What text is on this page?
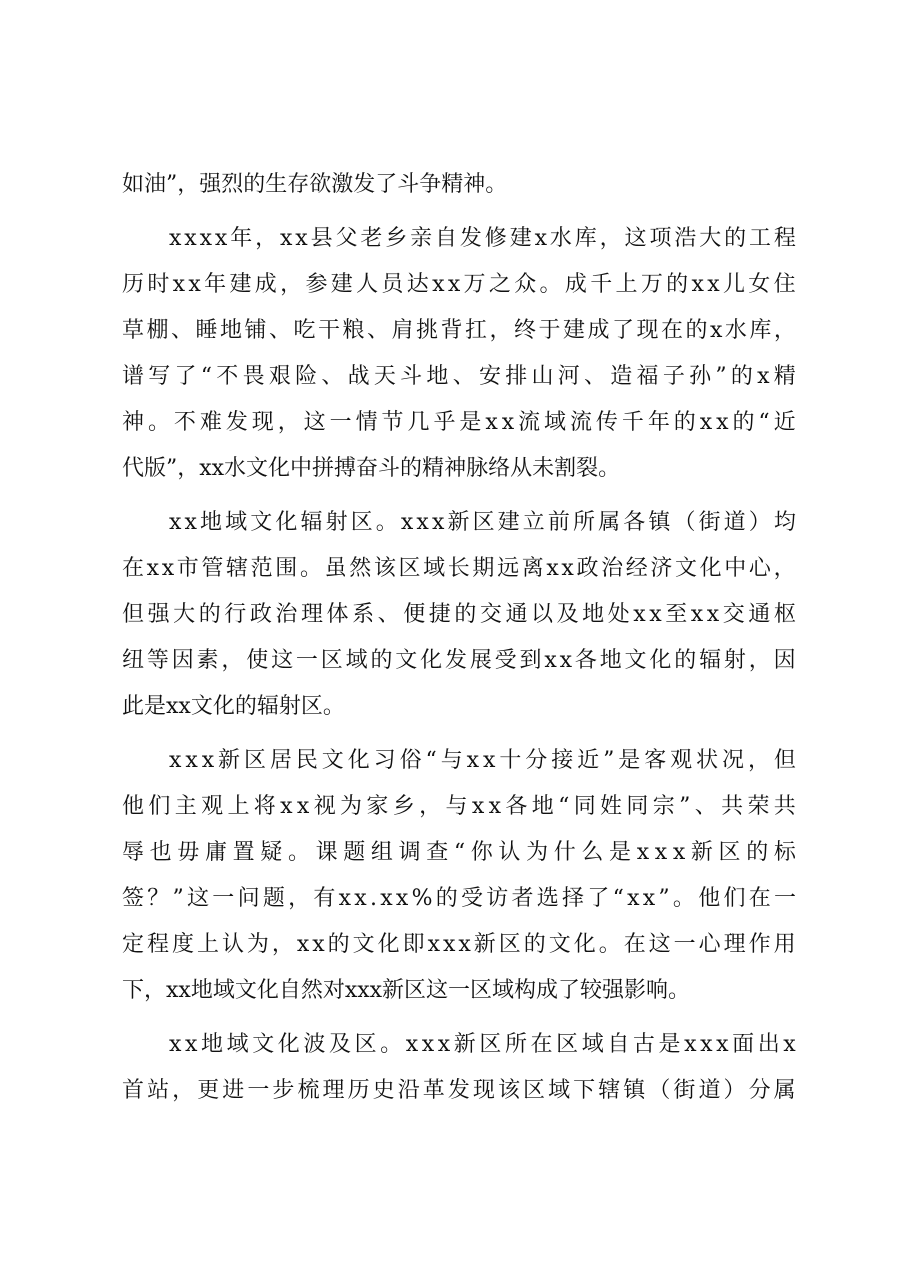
如油”，强烈的生存欲激发了斗争精神。
x x x x 年 ， x x 县 父 老 乡 亲 自 发 修 建 x 水 库 ， 这 项 浩 大 的 工 程
历 时 x x 年 建 成 ， 参 建 人 员 达 x x 万 之 众 。 成 千 上 万 的 x x 儿 女 住
草 棚 、 睡 地 铺 、 吃 干 粮 、 肩 挑 背 扛 ， 终 于 建 成 了 现 在 的 x 水 库 ，
谱 写 了 “ 不 畏 艰 险 、 战 天 斗 地 、 安 排 山 河 、 造 福 子 孙 ” 的 x 精
神 。 不 难 发 现 ， 这 一 情 节 几 乎 是 x x 流 域 流 传 千 年 的 x x 的 “ 近
代版”，xx水文化中拼搏奋斗的精神脉络从未割裂。
x x 地 域 文 化 辐 射 区 。 x x x 新 区 建 立 前 所 属 各 镇 （ 街 道 ） 均
在 x x 市 管 辖 范 围 。 虽 然 该 区 域 长 期 远 离 x x 政 治 经 济 文 化 中 心 ，
但 强 大 的 行 政 治 理 体 系 、 便 捷 的 交 通 以 及 地 处 x x 至 x x 交 通 枢
纽 等 因 素 ， 使 这 一 区 域 的 文 化 发 展 受 到 x x 各 地 文 化 的 辐 射 ， 因
此是xx文化的辐射区。
x x x 新 区 居 民 文 化 习 俗 “ 与 x x 十 分 接 近 ” 是 客 观 状 况 ， 但
他 们 主 观 上 将 x x 视 为 家 乡 ， 与 x x 各 地 “ 同 姓 同 宗 ” 、 共 荣 共
辱 也 毋 庸 置 疑 。 课 题 组 调 查 “ 你 认 为 什 么 是 x x x 新 区 的 标
签 ？ ” 这 一 问 题 ， 有 x x . x x % 的 受 访 者 选 择 了 “ x x ” 。 他 们 在 一
定 程 度 上 认 为 ， x x 的 文 化 即 x x x 新 区 的 文 化 。 在 这 一 心 理 作 用
下，xx地域文化自然对xxx新区这一区域构成了较强影响。
x x 地 域 文 化 波 及 区 。 x x x 新 区 所 在 区 域 自 古 是 x x x 面 出 x
首 站 ， 更 进 一 步 梳 理 历 史 沿 革 发 现 该 区 域 下 辖 镇 （ 街 道 ） 分 属
